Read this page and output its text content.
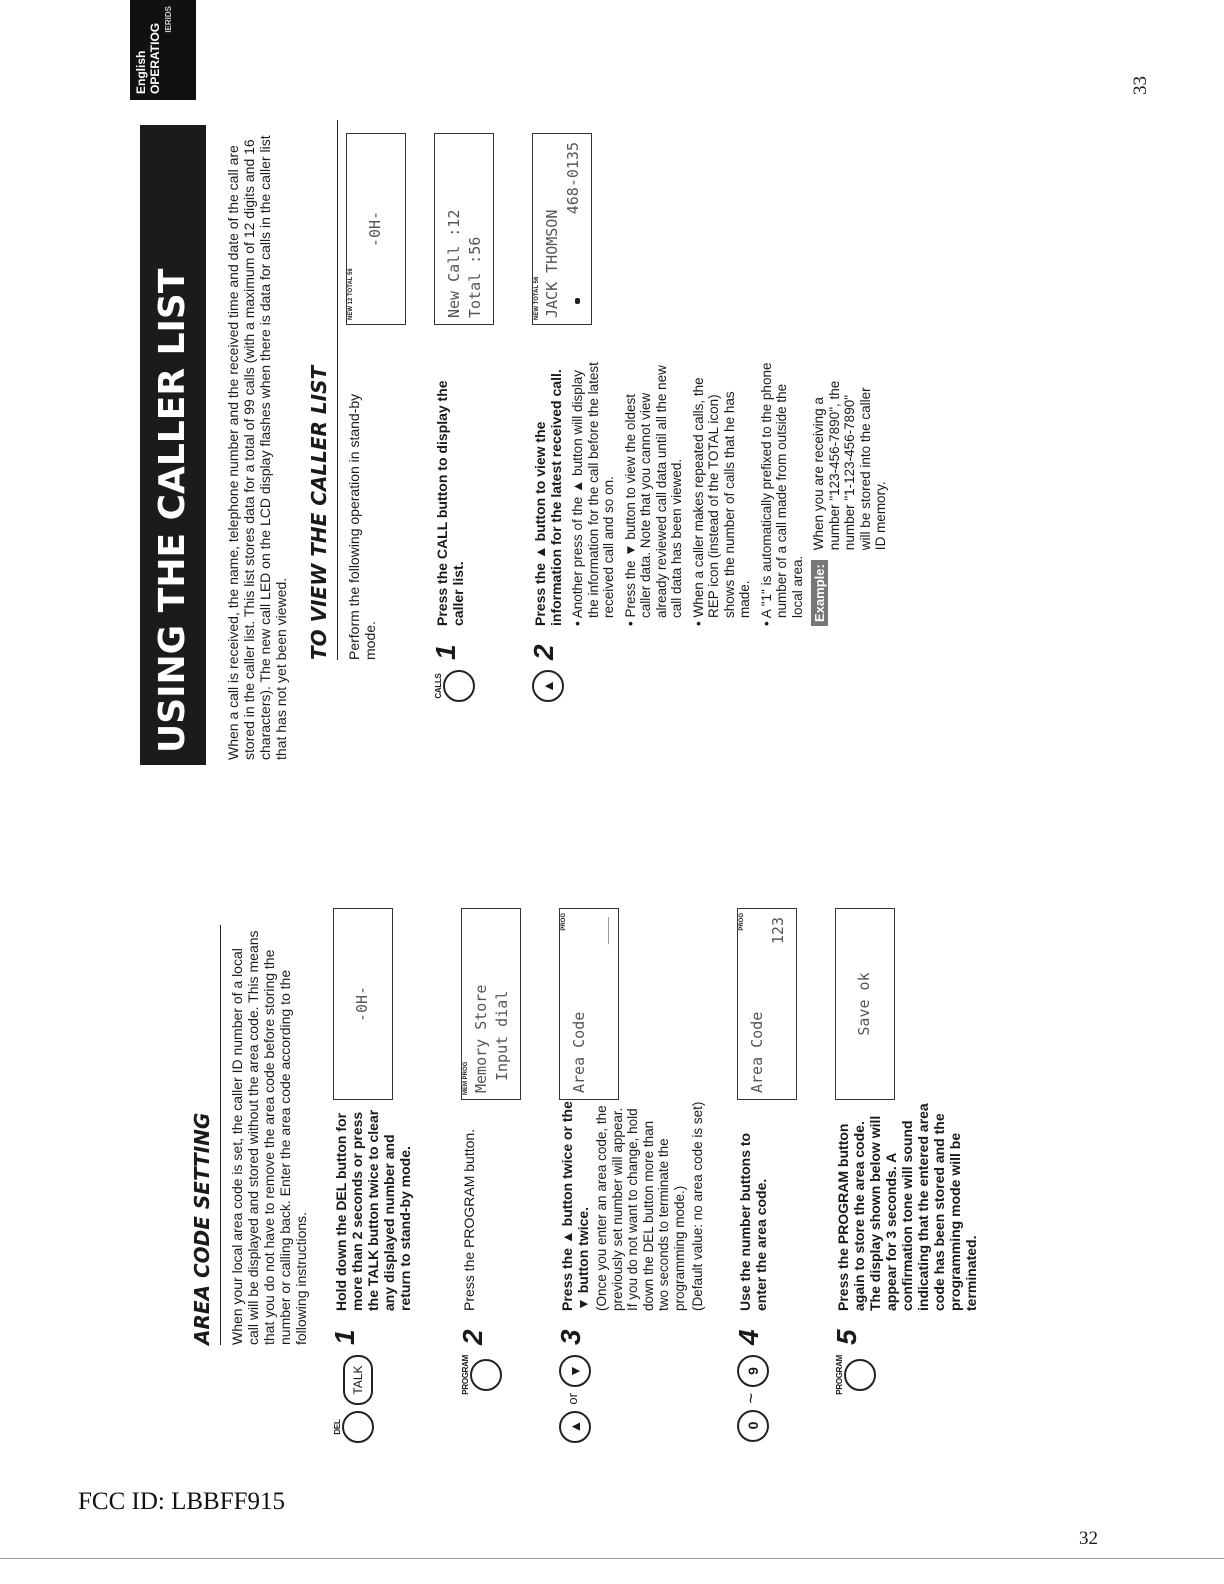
FCC ID: LBBFF915
32
AREA CODE SETTING When your local area code is set, the caller ID number of a local call will be displayed and stored without the area code. This means that you do not have to remove the area code before storing the number or calling back. Enter the area code according to the following instructions.
DEL
TALK
1
Hold down the DEL button for more than 2 seconds or press the TALK button twice to clear any displayed number and return to stand-by mode.
-0H-
PROGRAM
2
Press the PROGRAM button.
MEM PROG Memory Store Input dial
▲
or
▼
3
Press the ▲ button twice or the ▼ button twice. (Once you enter an area code, the previously set number will appear. If you do not want to change, hold down the DEL button more than two seconds to terminate the programming mode.) (Default value: no area code is set)
PROG
Area Code
___
0
~
9
4
Use the number buttons to enter the area code.
PROG
Area Code
123
PROGRAM
5
Press the PROGRAM button again to store the area code. The display shown below will appear for 3 seconds. A confirmation tone will sound indicating that the entered area code has been stored and the programming mode will be terminated.
Save ok
USING THE CALLER LIST
English
OPERATIOG
IERIDS
When a call is received, the name, telephone number and the received time and date of the call are stored in the caller list. This list stores data for a total of 99 calls (with a maximum of 12 digits and 16 characters). The new call LED on the LCD display flashes when there is data for calls in the caller list that has not yet been viewed.
TO VIEW THE CALLER LIST Perform the following operation in stand-by mode.
NEW 12 TOTAL 56
-0H-
CALLS
1
Press the CALL button to display the caller list.
New Call :12 Total :56
▲
2
Press the ▲ button to view the information for the latest received call.
NEW TOTAL 56 JACK THOMSON
468-0135
• Another press of the ▲ button will display the information for the call before the latest received call and so on. • Press the ▼ button to view the oldest caller data. Note that you cannot view already reviewed call data until all the new call data has been viewed. • When a caller makes repeated calls, the REP icon (instead of the TOTAL icon) shows the number of calls that he has made. • A "1" is automatically prefixed to the phone number of a call made from outside the local area. Example:
When you are receiving a number "123-456-7890", the number "1-123-456-7890" will be stored into the caller ID memory.
33
